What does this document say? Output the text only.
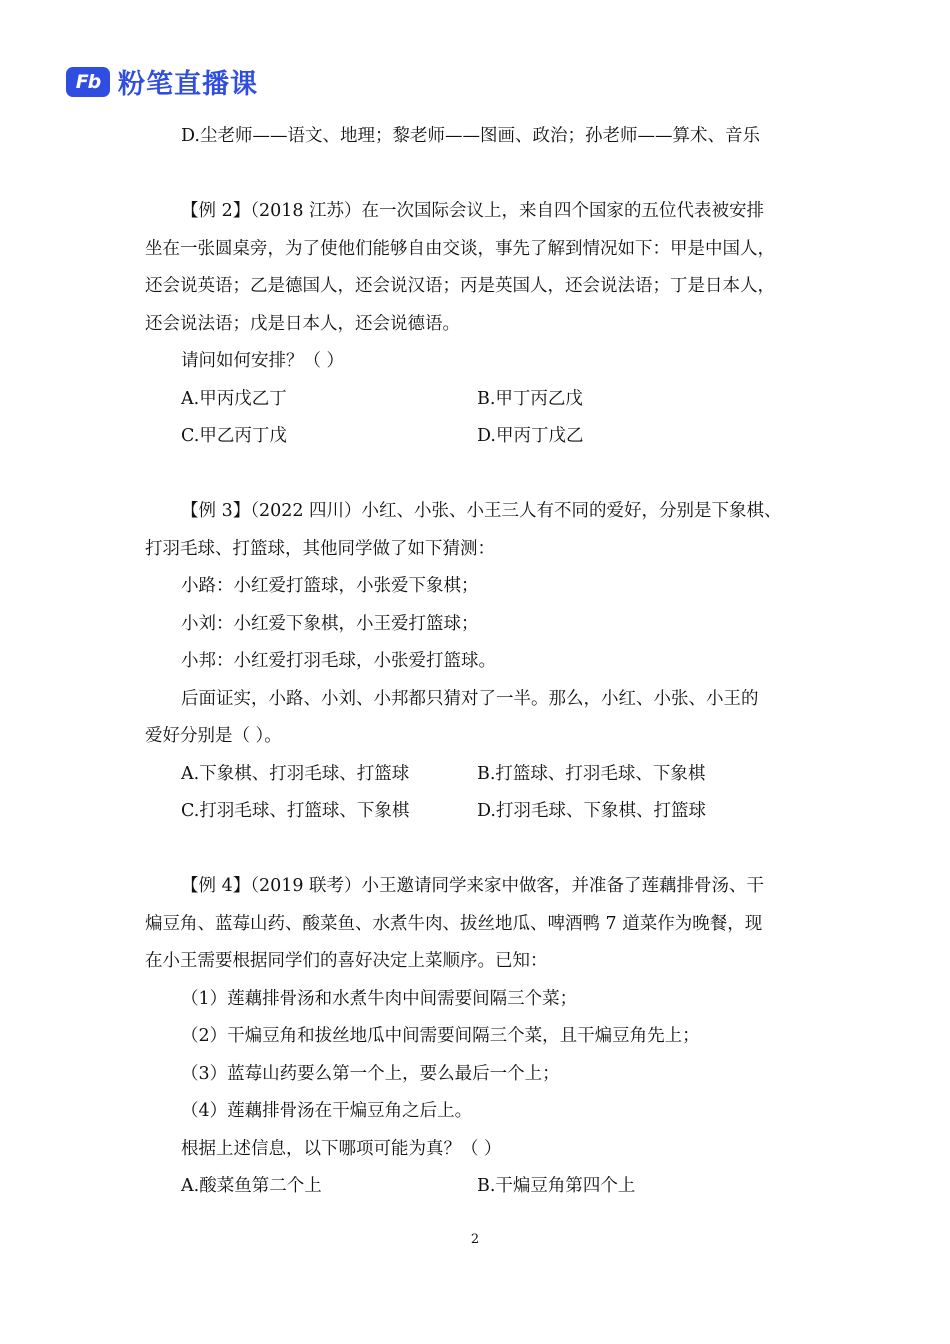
Fb 粉笔直播课
D.尘老师——语文、地理；黎老师——图画、政治；孙老师——算术、音乐
【例 2】（2018 江苏）在一次国际会议上，来自四个国家的五位代表被安排
坐在一张圆桌旁，为了使他们能够自由交谈，事先了解到情况如下：甲是中国人，
还会说英语；乙是德国人，还会说汉语；丙是英国人，还会说法语；丁是日本人，
还会说法语；戊是日本人，还会说德语。
请问如何安排？（ ）
A.甲丙戊乙丁	B.甲丁丙乙戊
C.甲乙丙丁戊	D.甲丙丁戊乙
【例 3】（2022 四川）小红、小张、小王三人有不同的爱好，分别是下象棋、
打羽毛球、打篮球，其他同学做了如下猜测：
小路：小红爱打篮球，小张爱下象棋；
小刘：小红爱下象棋，小王爱打篮球；
小邦：小红爱打羽毛球，小张爱打篮球。
后面证实，小路、小刘、小邦都只猜对了一半。那么，小红、小张、小王的
爱好分别是（ ）。
A.下象棋、打羽毛球、打篮球	B.打篮球、打羽毛球、下象棋
C.打羽毛球、打篮球、下象棋	D.打羽毛球、下象棋、打篮球
【例 4】（2019 联考）小王邀请同学来家中做客，并准备了莲藕排骨汤、干
煸豆角、蓝莓山药、酸菜鱼、水煮牛肉、拔丝地瓜、啤酒鸭 7 道菜作为晚餐，现
在小王需要根据同学们的喜好决定上菜顺序。已知：
（1）莲藕排骨汤和水煮牛肉中间需要间隔三个菜；
（2）干煸豆角和拔丝地瓜中间需要间隔三个菜，且干煸豆角先上；
（3）蓝莓山药要么第一个上，要么最后一个上；
（4）莲藕排骨汤在干煸豆角之后上。
根据上述信息，以下哪项可能为真？（ ）
A.酸菜鱼第二个上	B.干煸豆角第四个上
2
